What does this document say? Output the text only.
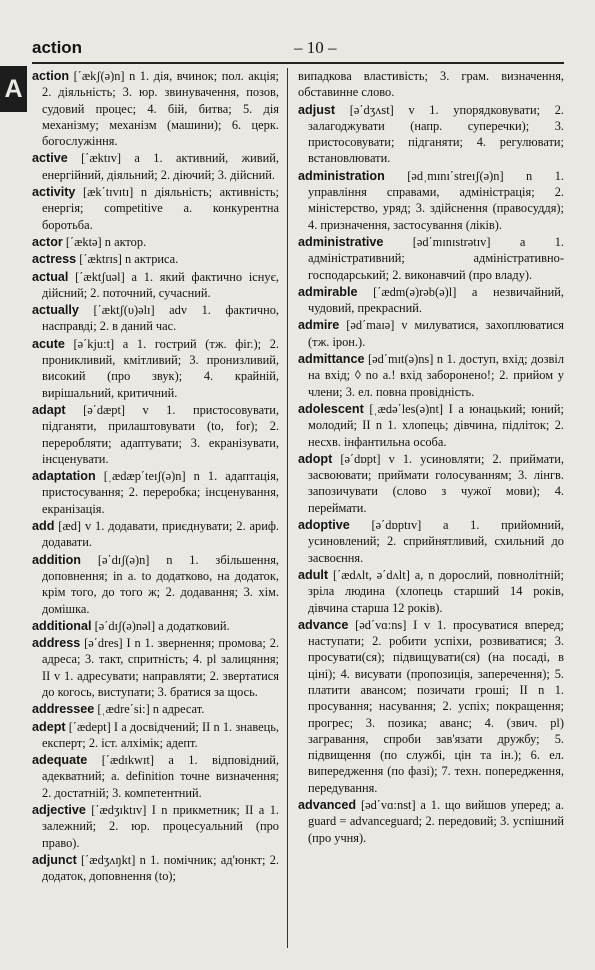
action	– 10 –
A action [΄ækʃ(ə)n] n 1. дія, вчинок; пол. акція; 2. діяльність; 3. юр. звинувачення, позов, судовий процес; 4. бій, битва; 5. дія механізму; механізм (машини); 6. церк. богослужіння.

active [΄æktɪv] a 1. активний, живий, енергійний, діяльний; 2. діючий; 3. дійсний.

activity [æk΄tɪvɪtɪ] n діяльність; активність; енергія; competitive a. конкурентна боротьба.

actor [΄æktə] n актор.

actress [΄æktrɪs] n актриса.

actual [΄æktʃuəl] a 1. який фактично існує, дійсний; 2. поточний, сучасний.

actually [΄æktʃ(υ)əlɪ] adv 1. фактично, насправді; 2. в даний час.

acute [ə΄kju:t] a 1. гострий (тж. фіг.); 2. проникливий, кмітливий; 3. пронизливий, високий (про звук); 4. крайній, вирішальний, критичний.

adapt [ə΄dæpt] v 1. пристосовувати, підганяти, прилаштовувати (to, for); 2. переробляти; адаптувати; 3. екранізувати, інсценувати.

adaptation [ˌædæp΄teɪʃ(ə)n] n 1. адаптація, пристосування; 2. переробка; інсценування, екранізація.

add [æd] v 1. додавати, приєднувати; 2. ариф. додавати.

addition [ə΄dɪʃ(ə)n] n 1. збільшення, доповнення; in a. to додатково, на додаток, крім того, до того ж; 2. додавання; 3. хім. домішка.

additional [ə΄dɪʃ(ə)nəl] a додатковий.

address [ə΄dres] I n 1. звернення; промова; 2. адреса; 3. такт, спритність; 4. pl залицяння; II v 1. адресувати; направляти; 2. звертатися до когось, виступати; 3. братися за щось.

addressee [ˌædre΄si:] n адресат.

adept [΄ædept] I a досвідчений; II n 1. знавець, експерт; 2. іст. алхімік; адепт.

adequate [΄ædɪkwɪt] a 1. відповідний, адекватний; a. definition точне визначення; 2. достатній; 3. компетентний.

adjective [΄ædʒɪktɪv] I n прикметник; II a 1. залежний; 2. юр. процесуальний (про право).

adjunct [΄ædʒʌŋkt] n 1. помічник; ад'юнкт; 2. додаток, доповнення (to);

випадкова властивість; 3. грам. визначення, обставинне слово.

adjust [ə΄dʒʌst] v 1. упорядковувати; 2. залагоджувати (напр. суперечки); 3. пристосовувати; підганяти; 4. регулювати; встановлювати.

administration [ədˌmɪnɪ΄streɪʃ(ə)n] n 1. управління справами, адміністрація; 2. міністерство, уряд; 3. здійснення (правосуддя); 4. призначення, застосування (ліків).

administrative [əd΄mɪnɪstrətɪv] a 1. адміністративний; адміністративно-господарський; 2. виконавчий (про владу).

admirable [΄ædm(ə)rəb(ə)l] a незвичайний, чудовий, прекрасний.

admire [əd΄maɪə] v милуватися, захоплюватися (тж. ірон.).

admittance [əd΄mɪt(ə)ns] n 1. доступ, вхід; дозвіл на вхід; ◊ no a.! вхід заборонено!; 2. прийом у члени; 3. ел. повна провідність.

adolescent [ˌædə΄les(ə)nt] I a юнацький; юний; молодий; II n 1. хлопець; дівчина, підліток; 2. несхв. інфантильна особа.

adopt [ə΄dɒpt] v 1. усиновляти; 2. приймати, засвоювати; приймати голосуванням; 3. лінгв. запозичувати (слово з чужої мови); 4. переймати.

adoptive [ə΄dɒptɪv] a 1. прийомний, усиновлений; 2. сприйнятливий, схильний до засвоєння.

adult [΄ædʌlt, ə΄dʌlt] a, n дорослий, повнолітній; зріла людина (хлопець старший 14 років, дівчина старша 12 років).

advance [əd΄vɑ:ns] I v 1. просуватися вперед; наступати; 2. робити успіхи, розвиватися; 3. просувати(ся); підвищувати(ся) (на посаді, в ціні); 4. висувати (пропозиція, заперечення); 5. платити авансом; позичати гроші; II n 1. просування; насування; 2. успіх; покращення; прогрес; 3. позика; аванс; 4. (звич. pl) загравання, спроби зав'язати дружбу; 5. підвищення (по службі, цін та ін.); 6. ел. випередження (по фазі); 7. техн. попередження, передування.

advanced [əd΄vɑ:nst] a 1. що вийшов уперед; a. guard = advanceguard; 2. передовий; 3. успішний (про учня).
